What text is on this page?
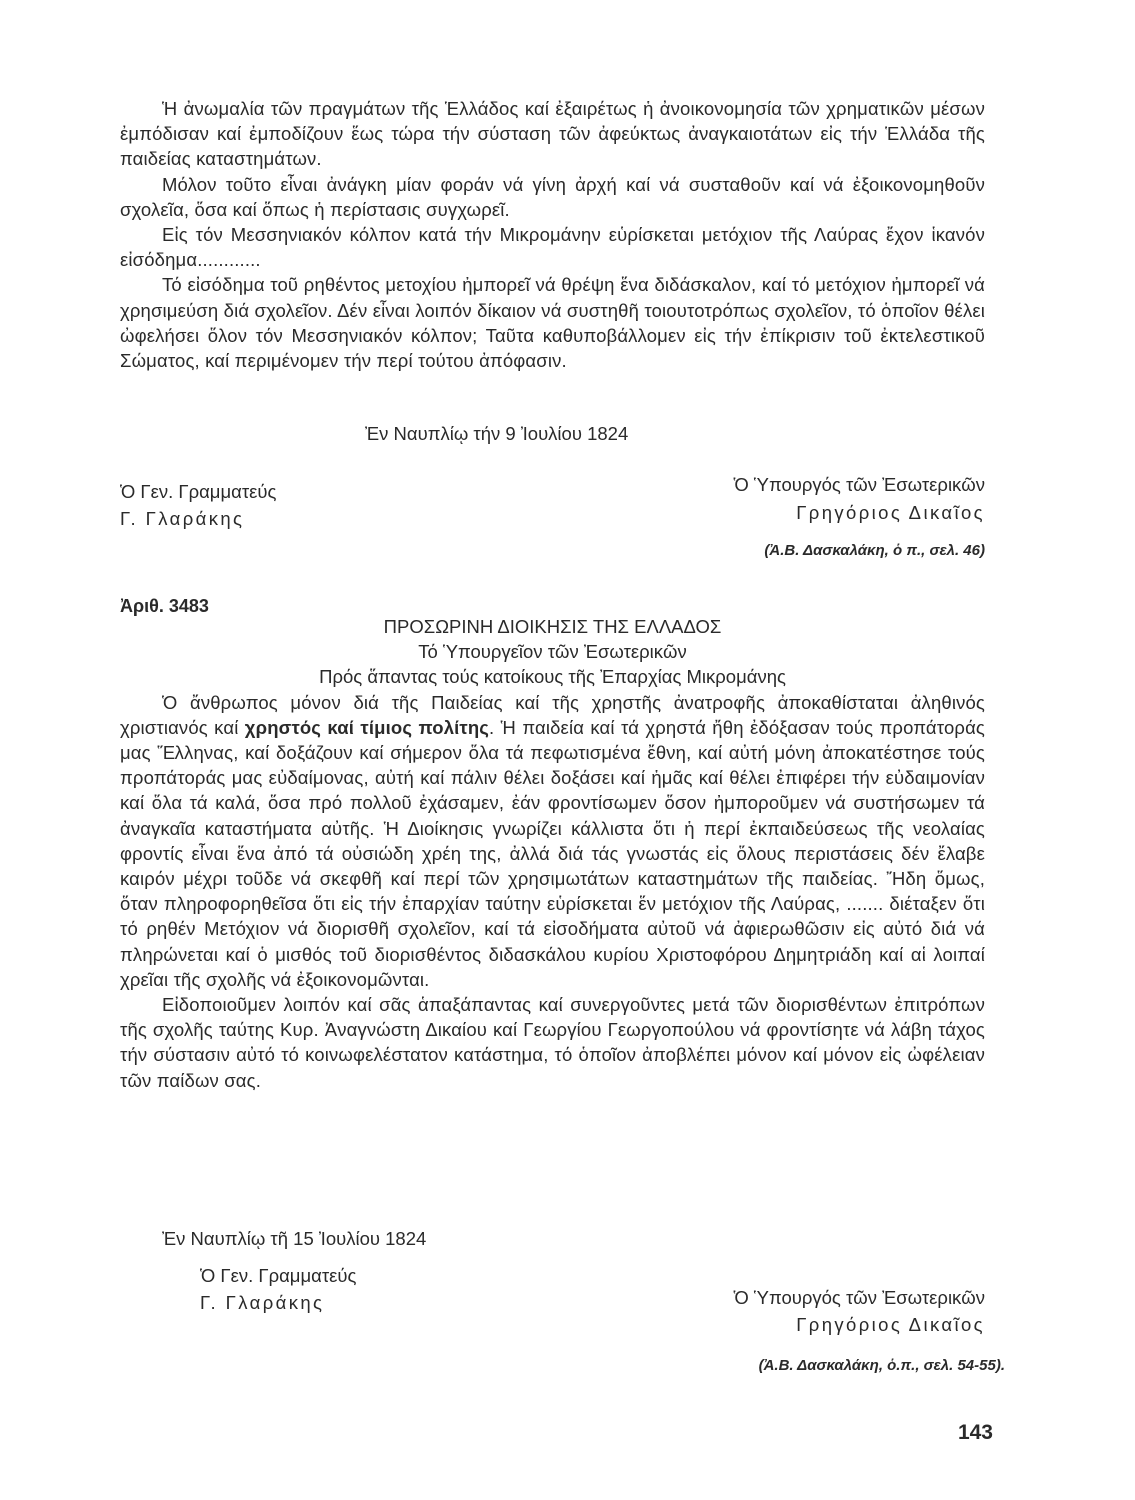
Ἡ ἀνωμαλία τῶν πραγμάτων τῆς Ἑλλάδος καί ἐξαιρέτως ἡ ἀνοικονομησία τῶν χρηματικῶν μέσων ἐμπόδισαν καί ἐμποδίζουν ἕως τώρα τήν σύσταση τῶν ἀφεύκτως ἀναγκαιοτάτων εἰς τήν Ἑλλάδα τῆς παιδείας καταστημάτων.

Μόλον τοῦτο εἶναι ἀνάγκη μίαν φοράν νά γίνη ἀρχή καί νά συσταθοῦν καί νά ἐξοικονομηθοῦν σχολεῖα, ὅσα καί ὅπως ἡ περίστασις συγχωρεῖ.

Εἰς τόν Μεσσηνιακόν κόλπον κατά τήν Μικρομάνην εὑρίσκεται μετόχιον τῆς Λαύρας ἔχον ἱκανόν εἰσόδημα............

Τό εἰσόδημα τοῦ ρηθέντος μετοχίου ἠμπορεῖ νά θρέψη ἕνα διδάσκαλον, καί τό μετόχιον ἠμπορεῖ νά χρησιμεύση διά σχολεῖον. Δέν εἶναι λοιπόν δίκαιον νά συστηθῆ τοιουτοτρόπως σχολεῖον, τό ὁποῖον θέλει ὠφελήσει ὅλον τόν Μεσσηνιακόν κόλπον; Ταῦτα καθυποβάλλομεν εἰς τήν ἐπίκρισιν τοῦ ἐκτελεστικοῦ Σώματος, καί περιμένομεν τήν περί τούτου ἀπόφασιν.

Ἐν Ναυπλίῳ τήν 9 Ἰουλίου 1824
Ὁ Γεν. Γραμματεύς
Γ. Γλαράκης
Ὁ Ὑπουργός τῶν Ἐσωτερικῶν
Γρηγόριος Δικαῖος
(Ἀ.Β. Δασκαλάκη, ὁ π., σελ. 46)
Ἀριθ. 3483

ΠΡΟΣΩΡΙΝΗ ΔΙΟΙΚΗΣΙΣ ΤΗΣ ΕΛΛΑΔΟΣ

Τό Ὑπουργεῖον τῶν Ἐσωτερικῶν

Πρός ἅπαντας τούς κατοίκους τῆς Ἐπαρχίας Μικρομάνης

Ὁ ἄνθρωπος μόνον διά τῆς Παιδείας καί τῆς χρηστῆς ἀνατροφῆς ἀποκαθίσταται ἀληθινός χριστιανός καί χρηστός καί τίμιος πολίτης. Ἡ παιδεία καί τά χρηστά ἤθη ἐδόξασαν τούς προπάτοράς μας Ἕλληνας, καί δοξάζουν καί σήμερον ὅλα τά πεφωτισμένα ἔθνη, καί αὐτή μόνη ἀποκατέστησε τούς προπάτοράς μας εὐδαίμονας, αὐτή καί πάλιν θέλει δοξάσει καί ἡμᾶς καί θέλει ἐπιφέρει τήν εὐδαιμονίαν καί ὅλα τά καλά, ὅσα πρό πολλοῦ ἐχάσαμεν, ἐάν φροντίσωμεν ὅσον ἠμποροῦμεν νά συστήσωμεν τά ἀναγκαῖα καταστήματα αὐτῆς. Ἡ Διοίκησις γνωρίζει κάλλιστα ὅτι ἡ περί ἐκπαιδεύσεως τῆς νεολαίας φροντίς εἶναι ἕνα ἀπό τά οὐσιώδη χρέη της, ἀλλά διά τάς γνωστάς εἰς ὅλους περιστάσεις δέν ἔλαβε καιρόν μέχρι τοῦδε νά σκεφθῆ καί περί τῶν χρησιμωτάτων καταστημάτων τῆς παιδείας. Ἤδη ὅμως, ὅταν πληροφορηθεῖσα ὅτι εἰς τήν ἐπαρχίαν ταύτην εὑρίσκεται ἕν μετόχιον τῆς Λαύρας, ....... διέταξεν ὅτι τό ρηθέν Μετόχιον νά διορισθῆ σχολεῖον, καί τά εἰσοδήματα αὐτοῦ νά ἀφιερωθῶσιν εἰς αὐτό διά νά πληρώνεται καί ὁ μισθός τοῦ διορισθέντος διδασκάλου κυρίου Χριστοφόρου Δημητριάδη καί αἱ λοιπαί χρεῖαι τῆς σχολῆς νά ἐξοικονομῶνται.

Εἰδοποιοῦμεν λοιπόν καί σᾶς ἁπαξάπαντας καί συνεργοῦντες μετά τῶν διορισθέντων ἐπιτρόπων τῆς σχολῆς ταύτης Κυρ. Ἀναγνώστη Δικαίου καί Γεωργίου Γεωργοπούλου νά φροντίσητε νά λάβη τάχος τήν σύστασιν αὐτό τό κοινωφελέστατον κατάστημα, τό ὁποῖον ἀποβλέπει μόνον καί μόνον εἰς ὠφέλειαν τῶν παίδων σας.

Ἐν Ναυπλίῳ τῆ 15 Ἰουλίου 1824
Ὁ Γεν. Γραμματεύς
Γ. Γλαράκης	Ὁ Ὑπουργός τῶν Ἐσωτερικῶν
Γρηγόριος Δικαῖος
(Ἀ.Β. Δασκαλάκη, ὁ.π., σελ. 54-55).
143
